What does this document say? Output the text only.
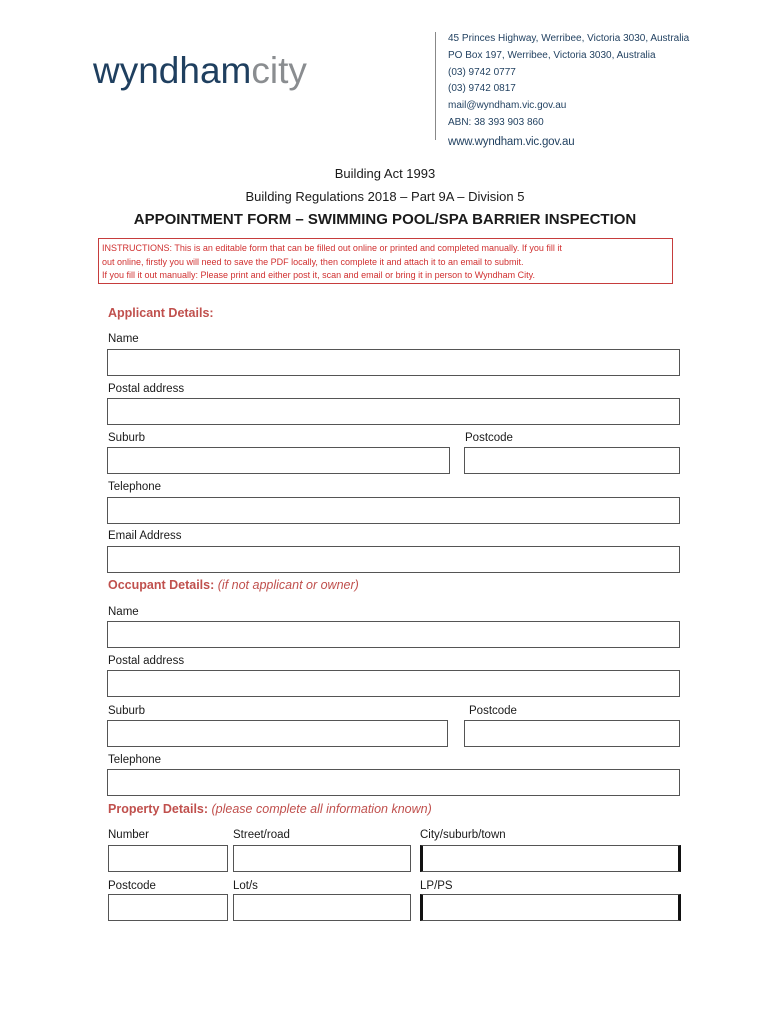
wyndhamcity
45 Princes Highway, Werribee, Victoria 3030, Australia
PO Box 197, Werribee, Victoria 3030, Australia
(03) 9742 0777
(03) 9742 0817
mail@wyndham.vic.gov.au
ABN: 38 393 903 860
www.wyndham.vic.gov.au
Building Act 1993
Building Regulations 2018 – Part 9A – Division 5
APPOINTMENT FORM – SWIMMING POOL/SPA BARRIER INSPECTION
INSTRUCTIONS: This is an editable form that can be filled out online or printed and completed manually. If you fill it
out online, firstly you will need to save the PDF locally, then complete it and attach it to an email to submit.
If you fill it out manually: Please print and either post it, scan and email or bring it in person to Wyndham City.
Applicant Details:
Name
Postal address
Suburb	Postcode
Telephone
Email Address
Occupant Details: (if not applicant or owner)
Name
Postal address
Suburb	Postcode
Telephone
Property Details: (please complete all information known)
Number	Street/road	City/suburb/town
Postcode	Lot/s	LP/PS
